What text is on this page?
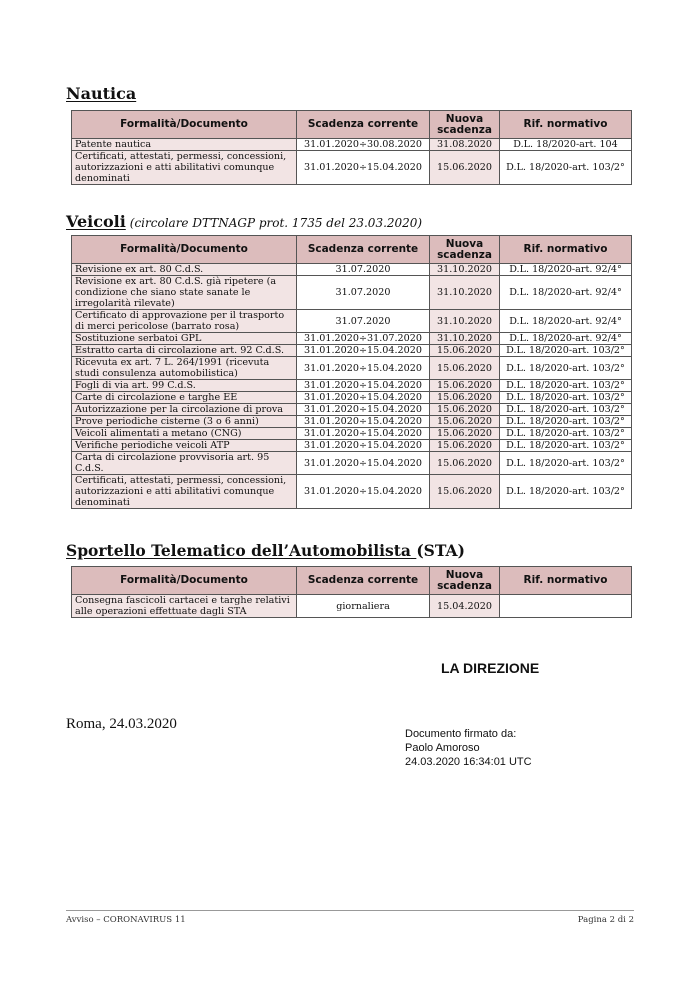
Nautica
Formalità/Documento	Scadenza corrente	Nuova scadenza	Rif. normativo
Patente nautica	31.01.2020÷30.08.2020	31.08.2020	D.L. 18/2020-art. 104
Certificati, attestati, permessi, concessioni, autorizzazioni e atti abilitativi comunque denominati	31.01.2020÷15.04.2020	15.06.2020	D.L. 18/2020-art. 103/2°
Veicoli (circolare DTTNAGP prot. 1735 del 23.03.2020)
Formalità/Documento	Scadenza corrente	Nuova scadenza	Rif. normativo
Revisione ex art. 80 C.d.S.	31.07.2020	31.10.2020	D.L. 18/2020-art. 92/4°
Revisione ex art. 80 C.d.S. già ripetere (a condizione che siano state sanate le irregolarità rilevate)	31.07.2020	31.10.2020	D.L. 18/2020-art. 92/4°
Certificato di approvazione per il trasporto di merci pericolose (barrato rosa)	31.07.2020	31.10.2020	D.L. 18/2020-art. 92/4°
Sostituzione serbatoi GPL	31.01.2020÷31.07.2020	31.10.2020	D.L. 18/2020-art. 92/4°
Estratto carta di circolazione art. 92 C.d.S.	31.01.2020÷15.04.2020	15.06.2020	D.L. 18/2020-art. 103/2°
Ricevuta ex art. 7 L. 264/1991 (ricevuta studi consulenza automobilistica)	31.01.2020÷15.04.2020	15.06.2020	D.L. 18/2020-art. 103/2°
Fogli di via art. 99 C.d.S.	31.01.2020÷15.04.2020	15.06.2020	D.L. 18/2020-art. 103/2°
Carte di circolazione e targhe EE	31.01.2020÷15.04.2020	15.06.2020	D.L. 18/2020-art. 103/2°
Autorizzazione per la circolazione di prova	31.01.2020÷15.04.2020	15.06.2020	D.L. 18/2020-art. 103/2°
Prove periodiche cisterne (3 o 6 anni)	31.01.2020÷15.04.2020	15.06.2020	D.L. 18/2020-art. 103/2°
Veicoli alimentati a metano (CNG)	31.01.2020÷15.04.2020	15.06.2020	D.L. 18/2020-art. 103/2°
Verifiche periodiche veicoli ATP	31.01.2020÷15.04.2020	15.06.2020	D.L. 18/2020-art. 103/2°
Carta di circolazione provvisoria art. 95 C.d.S.	31.01.2020÷15.04.2020	15.06.2020	D.L. 18/2020-art. 103/2°
Certificati, attestati, permessi, concessioni, autorizzazioni e atti abilitativi comunque denominati	31.01.2020÷15.04.2020	15.06.2020	D.L. 18/2020-art. 103/2°
Sportello Telematico dell’Automobilista (STA)
Formalità/Documento	Scadenza corrente	Nuova scadenza	Rif. normativo
Consegna fascicoli cartacei e targhe relativi alle operazioni effettuate dagli STA	giornaliera	15.04.2020	
LA DIREZIONE
Roma, 24.03.2020
Documento firmato da:
Paolo Amoroso
24.03.2020 16:34:01 UTC
Avviso – CORONAVIRUS 11	Pagina 2 di 2
